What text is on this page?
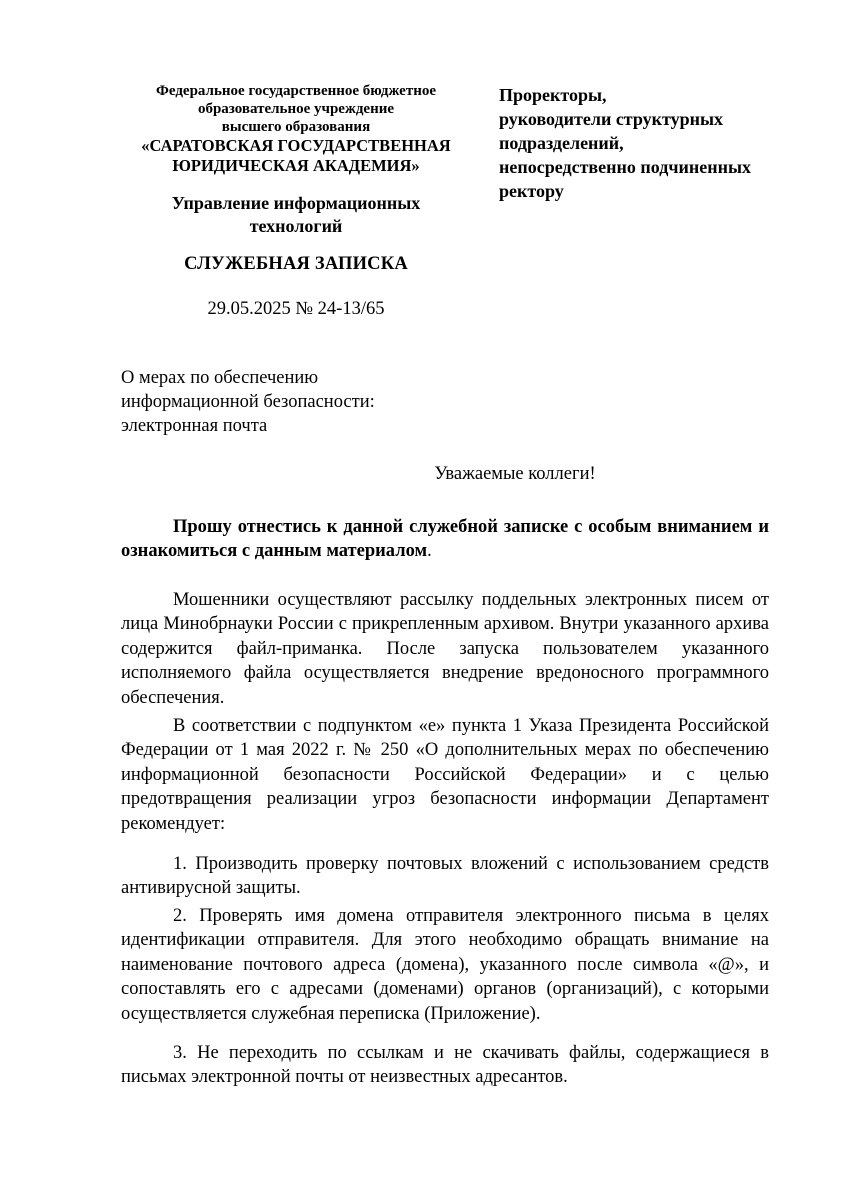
Федеральное государственное бюджетное
образовательное учреждение
высшего образования
«САРАТОВСКАЯ ГОСУДАРСТВЕННАЯ
ЮРИДИЧЕСКАЯ АКАДЕМИЯ»
Управление информационных
технологий
СЛУЖЕБНАЯ ЗАПИСКА
29.05.2025 № 24-13/65
Проректоры,
руководители структурных
подразделений,
непосредственно подчиненных
ректору
О мерах по обеспечению
информационной безопасности:
электронная почта
Уважаемые коллеги!

Прошу отнестись к данной служебной записке с особым вниманием и ознакомиться с данным материалом.

Мошенники осуществляют рассылку поддельных электронных писем от лица Минобрнауки России с прикрепленным архивом. Внутри указанного архива содержится файл-приманка. После запуска пользователем указанного исполняемого файла осуществляется внедрение вредоносного программного обеспечения.

В соответствии с подпунктом «е» пункта 1 Указа Президента Российской Федерации от 1 мая 2022 г. № 250 «О дополнительных мерах по обеспечению информационной безопасности Российской Федерации» и с целью предотвращения реализации угроз безопасности информации Департамент рекомендует:

1. Производить проверку почтовых вложений с использованием средств антивирусной защиты.

2. Проверять имя домена отправителя электронного письма в целях идентификации отправителя. Для этого необходимо обращать внимание на наименование почтового адреса (домена), указанного после символа «@», и сопоставлять его с адресами (доменами) органов (организаций), с которыми осуществляется служебная переписка (Приложение).

3. Не переходить по ссылкам и не скачивать файлы, содержащиеся в письмах электронной почты от неизвестных адресантов.
